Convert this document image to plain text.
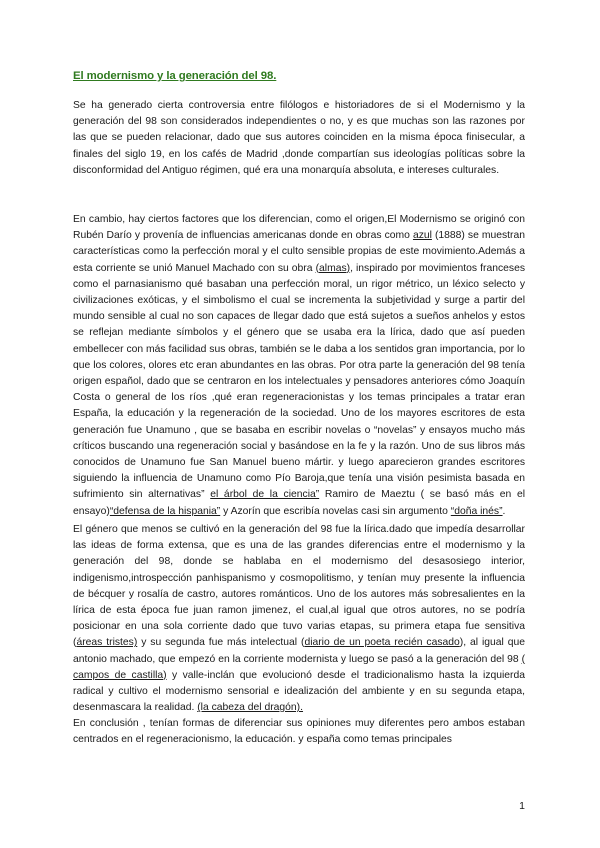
El modernismo y la generación del 98.

Se ha generado cierta controversia entre filólogos e historiadores de si el Modernismo y la generación del 98 son considerados independientes o no, y es que muchas son las razones por las que se pueden relacionar, dado que sus autores coinciden en la misma época finisecular, a finales del siglo 19, en los cafés de Madrid ,donde compartían sus ideologías políticas sobre la disconformidad del Antiguo régimen, qué era una monarquía absoluta, e intereses culturales.

En cambio, hay ciertos factores que los diferencian, como el origen,El Modernismo se originó con Rubén Darío y provenía de influencias americanas donde en obras como azul (1888) se muestran características como la perfección moral y el culto sensible propias de este movimiento.Además a esta corriente se unió Manuel Machado con su obra (almas), inspirado por movimientos franceses como el parnasianismo qué basaban una perfección moral, un rigor métrico, un léxico selecto y civilizaciones exóticas, y el simbolismo el cual se incrementa la subjetividad y surge a partir del mundo sensible al cual no son capaces de llegar dado que está sujetos a sueños anhelos y estos se reflejan mediante símbolos y el género que se usaba era la lírica, dado que así pueden embellecer con más facilidad sus obras, también se le daba a los sentidos gran importancia, por lo que los colores, olores etc eran abundantes en las obras. Por otra parte la generación del 98 tenía origen español, dado que se centraron en los intelectuales y pensadores anteriores cómo Joaquín Costa o general de los ríos ,qué eran regeneracionistas y los temas principales a tratar eran España, la educación y la regeneración de la sociedad. Uno de los mayores escritores de esta generación fue Unamuno , que se basaba en escribir novelas o “novelas” y ensayos mucho más críticos buscando una regeneración social y basándose en la fe y la razón. Uno de sus libros más conocidos de Unamuno fue San Manuel bueno mártir. y luego aparecieron grandes escritores siguiendo la influencia de Unamuno como Pío Baroja,que tenía una visión pesimista basada en sufrimiento sin alternativas” el árbol de la ciencia” Ramiro de Maeztu ( se basó más en el ensayo)“defensa de la hispania” y Azorín que escribía novelas casi sin argumento “doña inés”.

El género que menos se cultivó en la generación del 98 fue la lírica.dado que impedía desarrollar las ideas de forma extensa, que es una de las grandes diferencias entre el modernismo y la generación del 98, donde se hablaba en el modernismo del desasosiego interior, indigenismo,introspección panhispanismo y cosmopolitismo, y tenían muy presente la influencia de bécquer y rosalía de castro, autores románticos. Uno de los autores más sobresalientes en la lírica de esta época fue juan ramon jimenez, el cual,al igual que otros autores, no se podría posicionar en una sola corriente dado que tuvo varias etapas, su primera etapa fue sensitiva (áreas tristes) y su segunda fue más intelectual (diario de un poeta recién casado), al igual que antonio machado, que empezó en la corriente modernista y luego se pasó a la generación del 98 ( campos de castilla) y valle-inclán que evolucionó desde el tradicionalismo hasta la izquierda radical y cultivo el modernismo sensorial e idealización del ambiente y en su segunda etapa, desenmascara la realidad. (la cabeza del dragón).

En conclusión , tenían formas de diferenciar sus opiniones muy diferentes pero ambos estaban centrados en el regeneracionismo, la educación. y españa como temas principales

1
